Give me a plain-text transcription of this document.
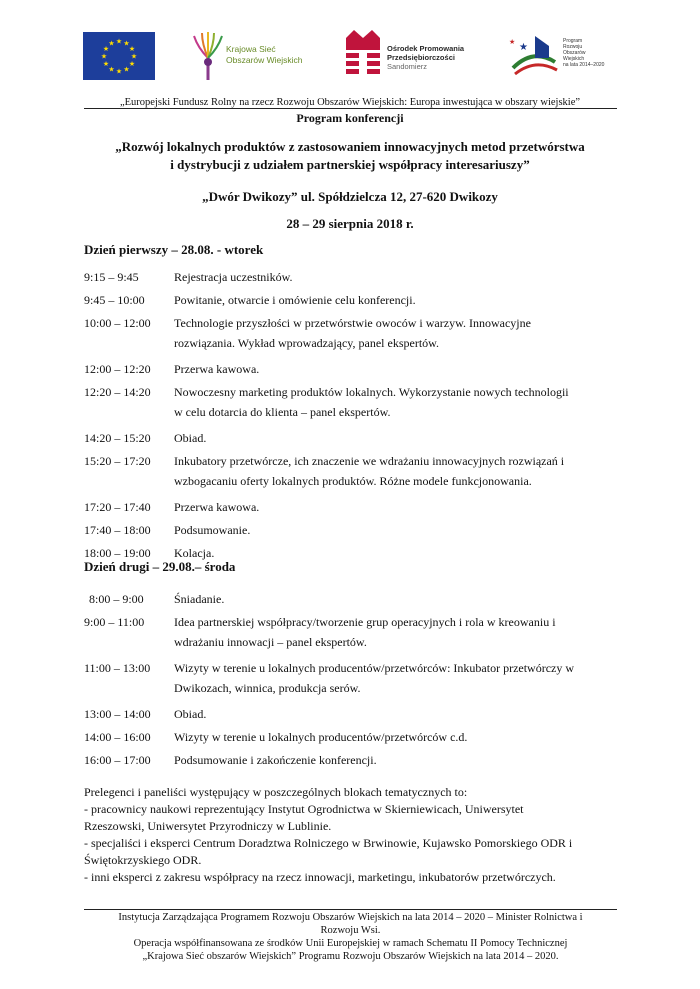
★ ★
★
★
★
★
★
★
★
★
★
★
Krajowa Sieć
Obszarów Wiejskich
Ośrodek Promowania
Przedsiębiorczości
Sandomierz
★
★	Program
Rozwoju
Obszarów
Wiejskich
na lata 2014–2020
„Europejski Fundusz Rolny na rzecz Rozwoju Obszarów Wiejskich: Europa inwestująca w obszary wiejskie”
Program konferencji
„Rozwój lokalnych produktów z zastosowaniem innowacyjnych metod przetwórstwa
i dystrybucji z udziałem partnerskiej współpracy interesariuszy”
„Dwór Dwikozy” ul. Spółdzielcza 12, 27-620 Dwikozy
28 – 29 sierpnia 2018 r.
Dzień pierwszy – 28.08. - wtorek
9:15 – 9:45	Rejestracja uczestników.
9:45 – 10:00 Powitanie, otwarcie i omówienie celu konferencji.
10:00 – 12:00 Technologie przyszłości w przetwórstwie owoców i warzyw. Innowacyjne
rozwiązania. Wykład wprowadzający, panel ekspertów.
12:00 – 12:20 Przerwa kawowa.
12:20 – 14:20 Nowoczesny marketing produktów lokalnych. Wykorzystanie nowych technologii
w celu dotarcia do klienta – panel ekspertów.
14:20 – 15:20 Obiad.
15:20 – 17:20 Inkubatory przetwórcze, ich znaczenie we wdrażaniu innowacyjnych rozwiązań i
wzbogacaniu oferty lokalnych produktów. Różne modele funkcjonowania.
17:20 – 17:40 Przerwa kawowa.
17:40 – 18:00 Podsumowanie.
18:00 – 19:00 Kolacja.
Dzień drugi – 29.08.– środa
8:00 – 9:00	Śniadanie.
9:00 – 11:00 Idea partnerskiej współpracy/tworzenie grup operacyjnych i rola w kreowaniu i
wdrażaniu innowacji – panel ekspertów.
11:00 – 13:00 Wizyty w terenie u lokalnych producentów/przetwórców: Inkubator przetwórczy w
Dwikozach, winnica, produkcja serów.
13:00 – 14:00 Obiad.
14:00 – 16:00 Wizyty w terenie u lokalnych producentów/przetwórców c.d.
16:00 – 17:00 Podsumowanie i zakończenie konferencji.

Prelegenci i paneliści występujący w poszczególnych blokach tematycznych to:

- pracownicy naukowi reprezentujący Instytut Ogrodnictwa w Skierniewicach, Uniwersytet

Rzeszowski, Uniwersytet Przyrodniczy w Lublinie.

- specjaliści i eksperci Centrum Doradztwa Rolniczego w Brwinowie, Kujawsko Pomorskiego ODR i

Świętokrzyskiego ODR.

- inni eksperci z zakresu współpracy na rzecz innowacji, marketingu, inkubatorów przetwórczych.

Instytucja Zarządzająca Programem Rozwoju Obszarów Wiejskich na lata 2014 – 2020 – Minister Rolnictwa i

Rozwoju Wsi.

Operacja współfinansowana ze środków Unii Europejskiej w ramach Schematu II Pomocy Technicznej

„Krajowa Sieć obszarów Wiejskich” Programu Rozwoju Obszarów Wiejskich na lata 2014 – 2020.
